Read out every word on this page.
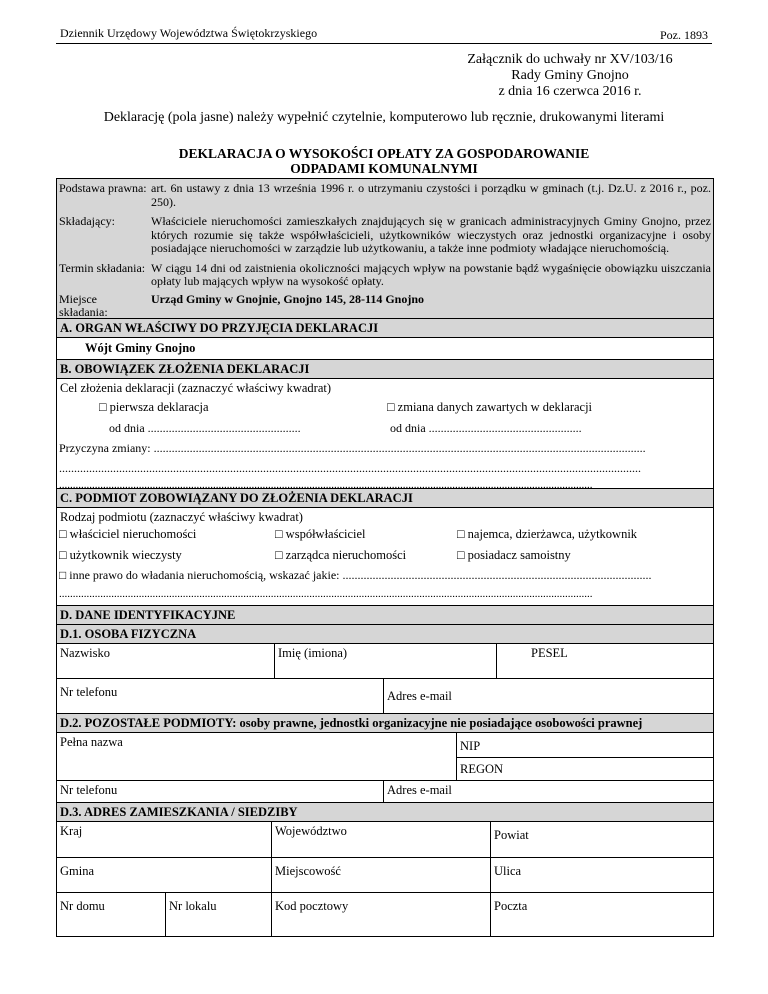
Dziennik Urzędowy Województwa Świętokrzyskiego	Poz. 1893
Załącznik do uchwały nr XV/103/16
Rady Gminy Gnojno
z dnia 16 czerwca 2016 r.
Deklarację (pola jasne) należy wypełnić czytelnie, komputerowo lub ręcznie, drukowanymi literami
DEKLARACJA O WYSOKOŚCI OPŁATY ZA GOSPODAROWANIE
ODPADAMI KOMUNALNYMI
Podstawa prawna: art. 6n ustawy z dnia 13 września 1996 r. o utrzymaniu czystości i porządku w gminach (t.j. Dz.U. z 2016 r., poz. 250).
Składający:	Właściciele nieruchomości zamieszkałych znajdujących się w granicach administracyjnych Gminy Gnojno, przez których rozumie się także współwłaścicieli, użytkowników wieczystych oraz jednostki organizacyjne i osoby posiadające nieruchomości w zarządzie lub użytkowaniu, a także inne podmioty władające nieruchomością.
Termin składania: W ciągu 14 dni od zaistnienia okoliczności mających wpływ na powstanie bądź wygaśnięcie obowiązku uiszczania opłaty lub mających wpływ na wysokość opłaty.
Miejsce składania:
Urząd Gminy w Gnojnie, Gnojno 145, 28-114 Gnojno
A. ORGAN WŁAŚCIWY DO PRZYJĘCIA DEKLARACJI
Wójt Gminy Gnojno
B. OBOWIĄZEK ZŁOŻENIA DEKLARACJI
Cel złożenia deklaracji (zaznaczyć właściwy kwadrat)
□ pierwsza deklaracja	□ zmiana danych zawartych w deklaracji
od dnia ...................................................	od dnia ...................................................
Przyczyna zmiany: ....................................................................................................................................................................
..................................................................................................................................................................................................
..................................................................................................................................................................................................
C. PODMIOT ZOBOWIĄZANY DO ZŁOŻENIA DEKLARACJI
Rodzaj podmiotu (zaznaczyć właściwy kwadrat)
□ właściciel nieruchomości	□ współwłaściciel	□ najemca, dzierżawca, użytkownik
□ użytkownik wieczysty	□ zarządca nieruchomości	□ posiadacz samoistny
□ inne prawo do władania nieruchomością, wskazać jakie: .......................................................................................................
..................................................................................................................................................................................................
D. DANE IDENTYFIKACYJNE
D.1. OSOBA FIZYCZNA
Nazwisko	Imię (imiona)	PESEL
Nr telefonu	Adres e-mail
D.2. POZOSTAŁE PODMIOTY: osoby prawne, jednostki organizacyjne nie posiadające osobowości prawnej
Pełna nazwa	NIP
REGON
Nr telefonu	Adres e-mail
D.3. ADRES ZAMIESZKANIA / SIEDZIBY
Kraj	Województwo	Powiat
Gmina	Miejscowość	Ulica
Nr domu	Nr lokalu	Kod pocztowy	Poczta
